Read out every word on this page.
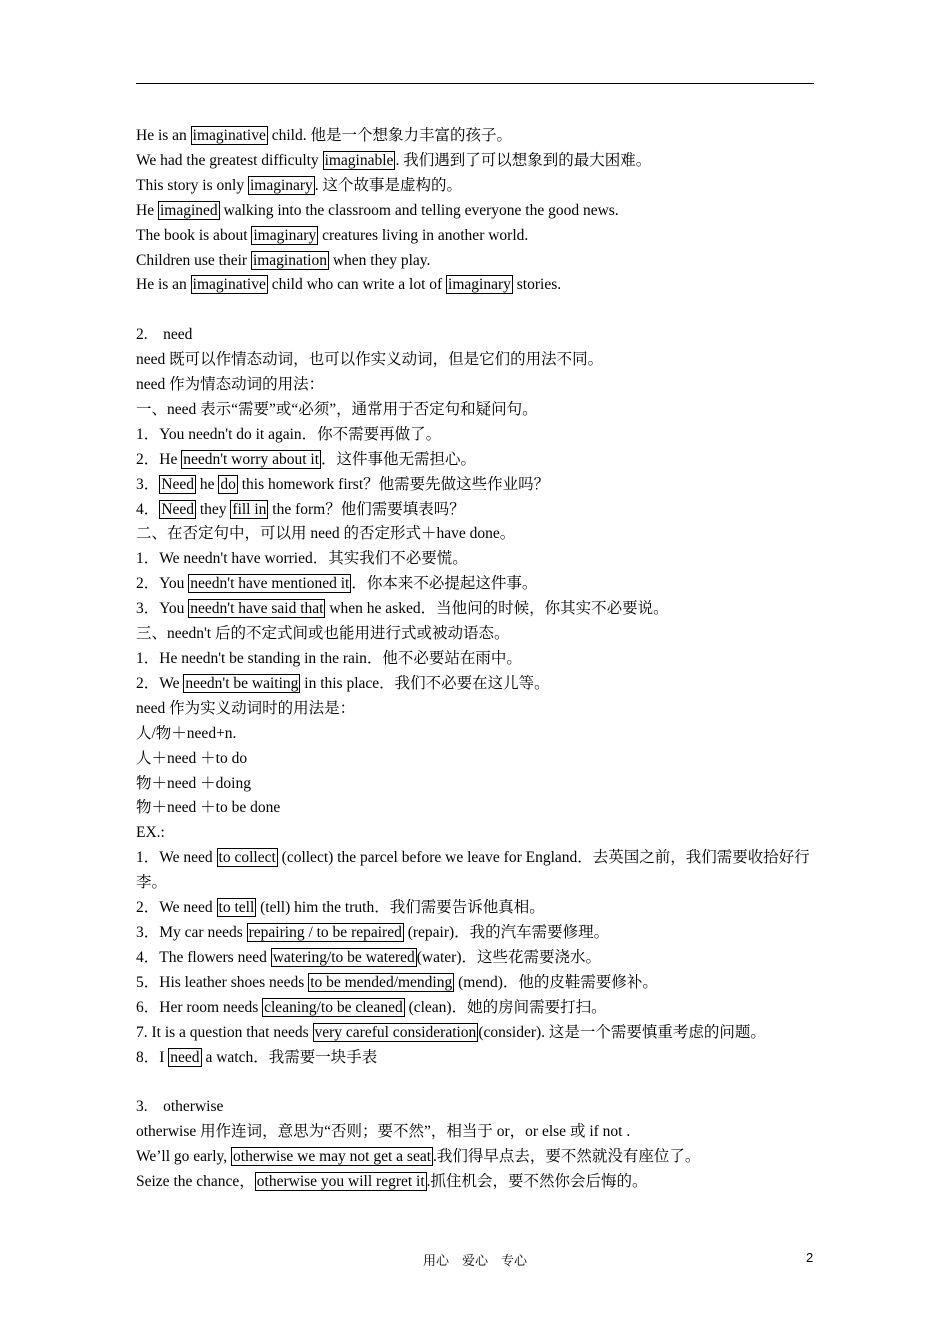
He is an imaginative child. 他是一个想象力丰富的孩子。
We had the greatest difficulty imaginable . 我们遇到了可以想象到的最大困难。
This story is only imaginary . 这个故事是虚构的。
He imagined walking into the classroom and telling everyone the good news.
The book is about imaginary creatures living in another world.
Children use their imagination when they play.
He is an imaginative child who can write a lot of imaginary stories.
2.　need
need 既可以作情态动词，也可以作实义动词，但是它们的用法不同。
need 作为情态动词的用法：
一、need 表示“需要”或“必须”，通常用于否定句和疑问句。
1．You needn't do it again．你不需要再做了。
2．He needn't worry about it ．这件事他无需担心。
3． Need he do this homework first？他需要先做这些作业吗？
4． Need they fill in the form？他们需要填表吗？
二、在否定句中，可以用 need 的否定形式＋have done。
1．We needn't have worried．其实我们不必要慌。
2．You needn't have mentioned it ．你本来不必提起这件事。
3．You needn't have said that when he asked．当他问的时候，你其实不必要说。
三、needn't 后的不定式间或也能用进行式或被动语态。
1．He needn't be standing in the rain．他不必要站在雨中。
2．We needn't be waiting in this place．我们不必要在这儿等。
need 作为实义动词时的用法是：
人/物＋need+n.
人＋need ＋to do
物＋need ＋doing
物＋need ＋to be done
EX.:
1．We need to collect (collect) the parcel before we leave for England．去英国之前，我们需要收拾好行李。
2．We need to tell (tell) him the truth．我们需要告诉他真相。
3．My car needs repairing / to be repaired (repair)．我的汽车需要修理。
4．The flowers need watering/to be watered (water)．这些花需要浇水。
5．His leather shoes needs to be mended/mending (mend)．他的皮鞋需要修补。
6．Her room needs cleaning/to be cleaned (clean)．她的房间需要打扫。
7. It is a question that needs very careful consideration (consider). 这是一个需要慎重考虑的问题。
8．I need a watch．我需要一块手表
3.　otherwise
otherwise 用作连词，意思为“否则；要不然”，相当于 or，or else 或 if not .
We’ll go early, otherwise we may not get a seat .我们得早点去，要不然就没有座位了。
Seize the chance， otherwise you will regret it .抓住机会，要不然你会后悔的。
用心　爱心　专心	2
